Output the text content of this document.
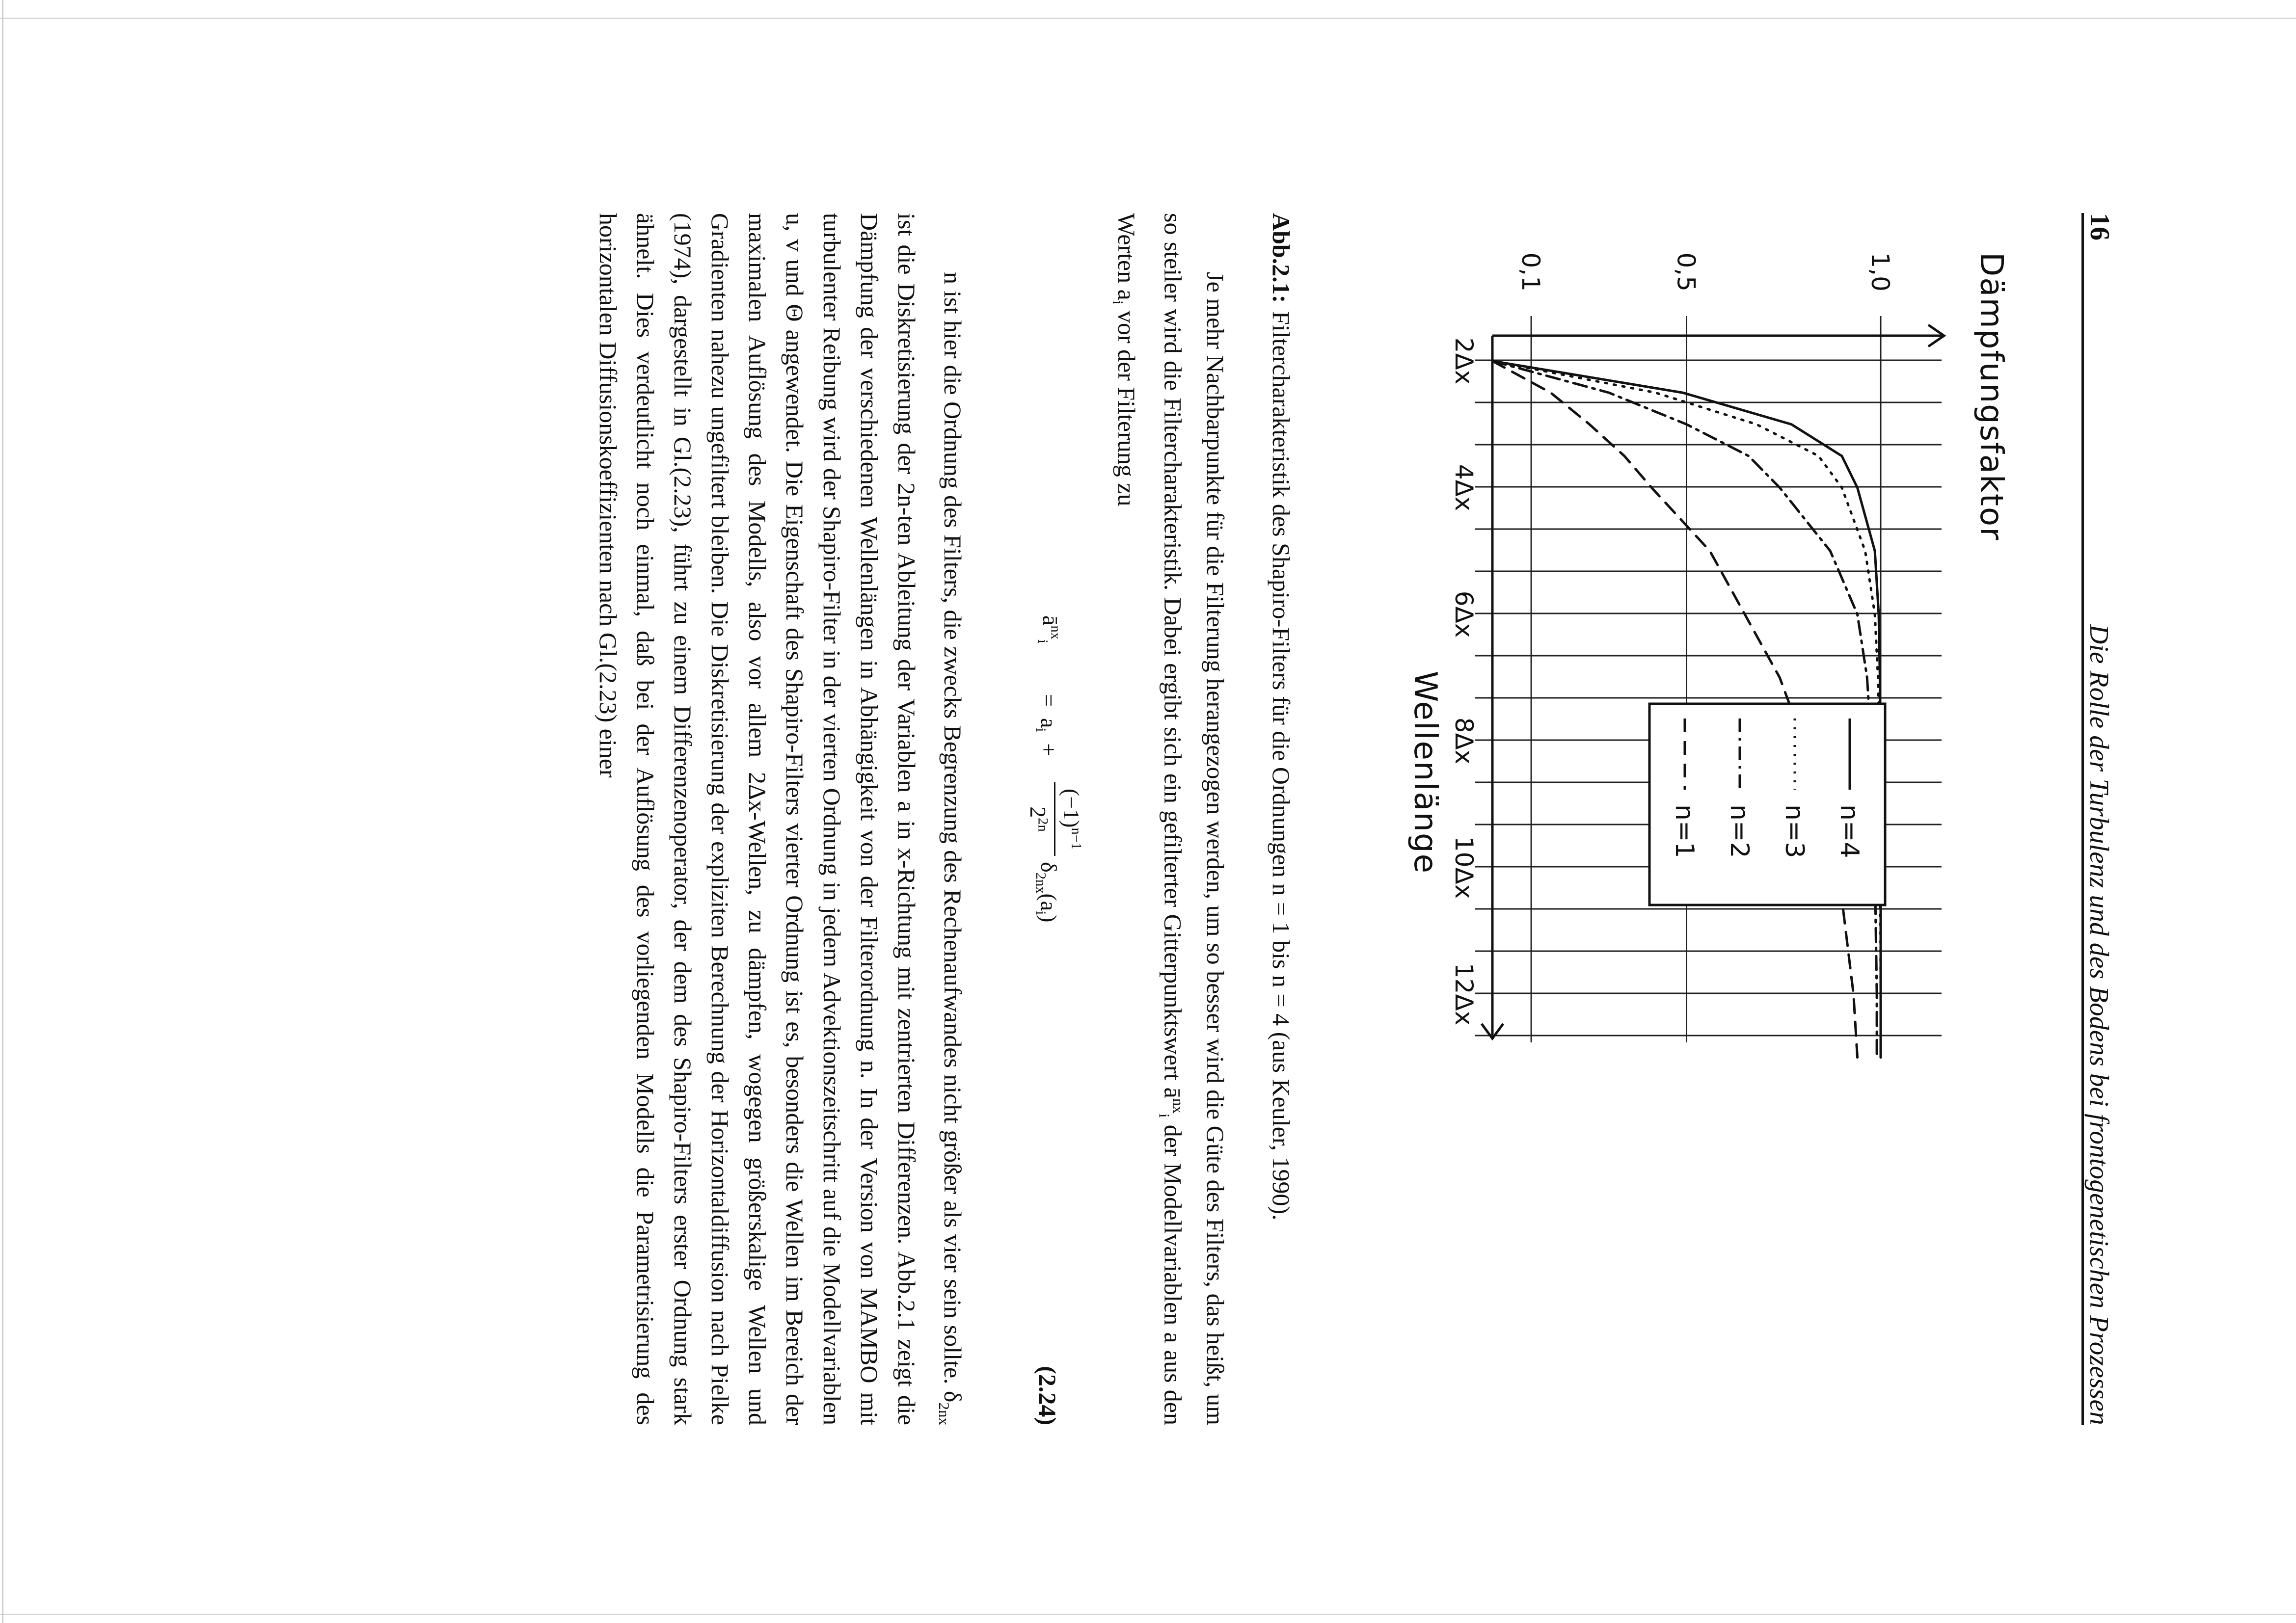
16
Die Rolle der Turbulenz und des Bodens bei frontogenetischen Prozessen
Dämpfungsfaktor
Wellenlänge
2Δx
4Δx
6Δx
8Δx
10Δx
12Δx
0,1	0,5	1,0
n=4
n=3
n=2
n=1
Abb.2.1:
Filtercharakteristik des Shapiro-Filters für die Ordnungen n = 1 bis n = 4 (aus Keuler, 1990).

Je mehr Nachbarpunkte für die Filterung herangezogen werden, um so besser wird die Güte des Filters, das heißt, um so steiler wird die Filtercharakteristik. Dabei ergibt sich ein gefilterter Gitterpunktswert $ā^{nx}_i$ der Modellvariablen a aus den Werten $a_i$ vor der Filterung zu

$ā^{nx}_i$
=  $a_i$  +
$(-1)^{n-1}$
$2^{2n}$
$\delta_{2nx}(a_i)$
(2.24)

n ist hier die Ordnung des Filters, die zwecks Begrenzung des Rechenaufwandes nicht größer als vier sein sollte. $\delta_{2nx}$ ist die Diskretisierung der 2n-ten Ableitung der Variablen a in x-Richtung mit zentrierten Differenzen. Abb.2.1 zeigt die Dämpfung der verschiedenen Wellenlängen in Abhängigkeit von der Filterordnung n. In der Version von MAMBO mit turbulenter Reibung wird der Shapiro-Filter in der vierten Ordnung in jedem Advektionszeitschritt auf die Modellvariablen u, v und Θ angewendet. Die Eigenschaft des Shapiro-Filters vierter Ordnung ist es, besonders die Wellen im Bereich der maximalen Auflösung des Modells, also vor allem 2Δx-Wellen, zu dämpfen, wogegen größerskalige Wellen und Gradienten nahezu ungefiltert bleiben. Die Diskretisierung der expliziten Berechnung der Horizontaldiffusion nach Pielke (1974), dargestellt in Gl.(2.23), führt zu einem Differenzenoperator, der dem des Shapiro-Filters erster Ordnung stark ähnelt. Dies verdeutlicht noch einmal, daß bei der Auflösung des vorliegenden Modells die Parametrisierung des horizontalen Diffusionskoeffizienten nach Gl.(2.23) einer
